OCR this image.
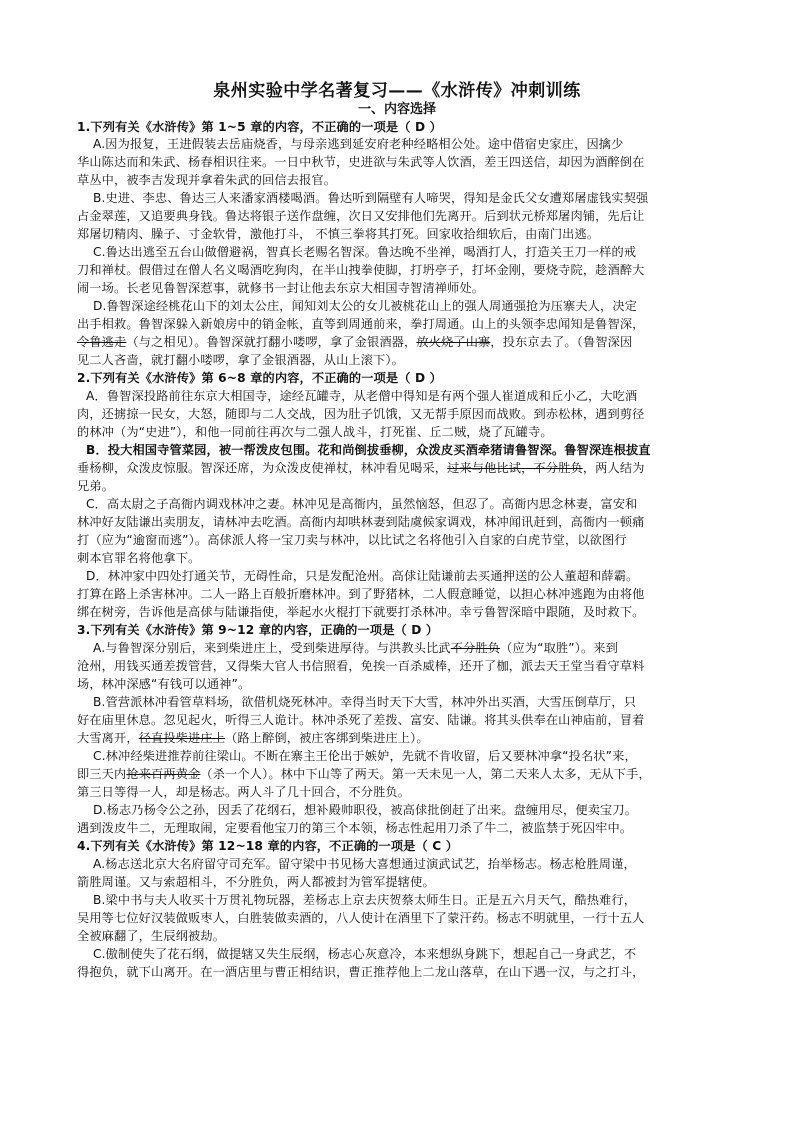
泉州实验中学名著复习——《水浒传》冲刺训练
一、内容选择
1.下列有关《水浒传》第 1~5 章的内容，不正确的一项是（ D ）
A.因为报复，王进假装去岳庙烧香，与母亲逃到延安府老种经略相公处。途中借宿史家庄，因擒少
华山陈达而和朱武、杨春相识往来。一日中秋节，史进欲与朱武等人饮酒，差王四送信，却因为酒醉倒在
草丛中，被李吉发现并拿着朱武的回信去报官。
B.史进、李忠、鲁达三人来潘家酒楼喝酒。鲁达听到隔壁有人啼哭，得知是金氏父女遭郑屠虚钱实契强
占金翠莲，又追要典身钱。鲁达将银子送作盘缠，次日又安排他们先离开。后到状元桥郑屠肉铺，先后让
郑屠切精肉、臊子、寸金软骨，激他打斗， 不慎三拳将其打死。回家收拾细软后，由南门出逃。
C.鲁达出逃至五台山做僧避祸，智真长老赐名智深。鲁达晚不坐禅，喝酒打人，打造关王刀一样的戒
刀和禅杖。假借过在僧人名义喝酒吃狗肉，在半山拽拳使脚，打坍亭子，打坏金刚，要烧寺院，趁酒醉大
闹一场。长老见鲁智深惹事，就修书一封让他去东京大相国寺智清禅师处。
D.鲁智深途经桃花山下的刘太公庄，闻知刘太公的女儿被桃花山上的强人周通强抢为压寨夫人，决定
出手相救。鲁智深躲入新娘房中的销金帐，直等到周通前来，拳打周通。山上的头领李忠闻知是鲁智深，
令鲁逃走（与之相见）。鲁智深就打翻小喽啰，拿了金银酒器，放火烧了山寨，投东京去了。（鲁智深因
见二人吝啬，就打翻小喽啰，拿了金银酒器，从山上滚下）。
2.下列有关《水浒传》第 6~8 章的内容，不正确的一项是（ D ）
A．鲁智深投路前往东京大相国寺，途经瓦罐寺，从老僧中得知是有两个强人崔道成和丘小乙，大吃酒
肉，还掳掠一民女，大怒，随即与二人交战，因为肚子饥饿，又无帮手原因而战败。到赤松林，遇到剪径
的林冲（为“史进”），和他一同前往再次与二强人战斗，打死崔、丘二贼，烧了瓦罐寺。
B．投大相国寺管菜园，被一帮泼皮包围。花和尚倒拔垂柳，众泼皮买酒牵猪请鲁智深。鲁智深连根拔直
垂杨柳，众泼皮惊服。智深还席，为众泼皮使禅杖，林冲看见喝采，过来与他比试，不分胜负，两人结为
兄弟。
C．高太尉之子高衙内调戏林冲之妻。林冲见是高衙内，虽然恼怒，但忍了。高衙内思念林妻，富安和
林冲好友陆谦出卖朋友，请林冲去吃酒。高衙内却哄林妻到陆虞候家调戏，林冲闻讯赶到，高衙内一顿痛
打（应为“逾窗而逃”）。高俅派人将一宝刀卖与林冲，以比试之名将他引入自家的白虎节堂，以欲图行
刺本官罪名将他拿下。
D．林冲家中四处打通关节，无碍性命，只是发配沧州。高俅让陆谦前去买通押送的公人董超和薛霸。
打算在路上杀害林冲。二人一路上百般折磨林冲。到了野猪林，二人假意睡觉，以担心林冲逃跑为由将他
绑在树旁，告诉他是高俅与陆谦指使，举起水火棍打下就要打杀林冲。幸亏鲁智深暗中跟随，及时救下。
3.下列有关《水浒传》第 9~12 章的内容，正确的一项是（ D ）
A.与鲁智深分别后，来到柴进庄上，受到柴进厚待。与洪教头比武不分胜负（应为“取胜”）。来到
沧州，用钱买通差拨管营，又得柴大官人书信照看，免挨一百杀威棒，还开了枷，派去天王堂当看守草料
场，林冲深感“有钱可以通神”。
B.管营派林冲看管草料场，欲借机烧死林冲。幸得当时天下大雪，林冲外出买酒，大雪压倒草厅，只
好在庙里休息。忽见起火，听得三人诡计。林冲杀死了差拨、富安、陆谦。将其头供奉在山神庙前，冒着
大雪离开，径直投柴进庄上（路上醉倒，被庄客绑到柴进庄上）。
C.林冲经柴进推荐前往梁山。不断在寨主王伦出于嫉妒，先就不肯收留，后又要林冲拿“投名状”来，
即三天内抢来百两黄金（杀一个人）。林中下山等了两天。第一天未见一人，第二天来人太多，无从下手，
第三日等得一人，却是杨志。两人斗了几十回合，不分胜负。
D.杨志乃杨令公之孙，因丢了花纲石，想补殿帅职役，被高俅批倒赶了出来。盘缠用尽，便卖宝刀。
遇到泼皮牛二，无理取闹，定要看他宝刀的第三个本领，杨志性起用刀杀了牛二，被监禁于死囚牢中。
4.下列有关《水浒传》第 12~18 章的内容，不正确的一项是（ C ）
A.杨志送北京大名府留守司充军。留守梁中书见杨大喜想通过演武试艺，抬举杨志。杨志枪胜周谨，
箭胜周谨。又与索超相斗，不分胜负，两人都被封为管军提辖使。
B.梁中书与夫人收买十万贯礼物玩器，差杨志上京去庆贺蔡太师生日。正是五六月天气，酷热难行，
吴用等七位好汉装做贩枣人，白胜装做卖酒的，八人使计在酒里下了蒙汗药。杨志不明就里，一行十五人
全被麻翻了，生辰纲被劫。
C.傲制使失了花石纲，做提辖又失生辰纲，杨志心灰意冷，本来想纵身跳下，想起自己一身武艺，不
得抱负，就下山离开。在一酒店里与曹正相结识，曹正推荐他上二龙山落草，在山下遇一汉，与之打斗，
